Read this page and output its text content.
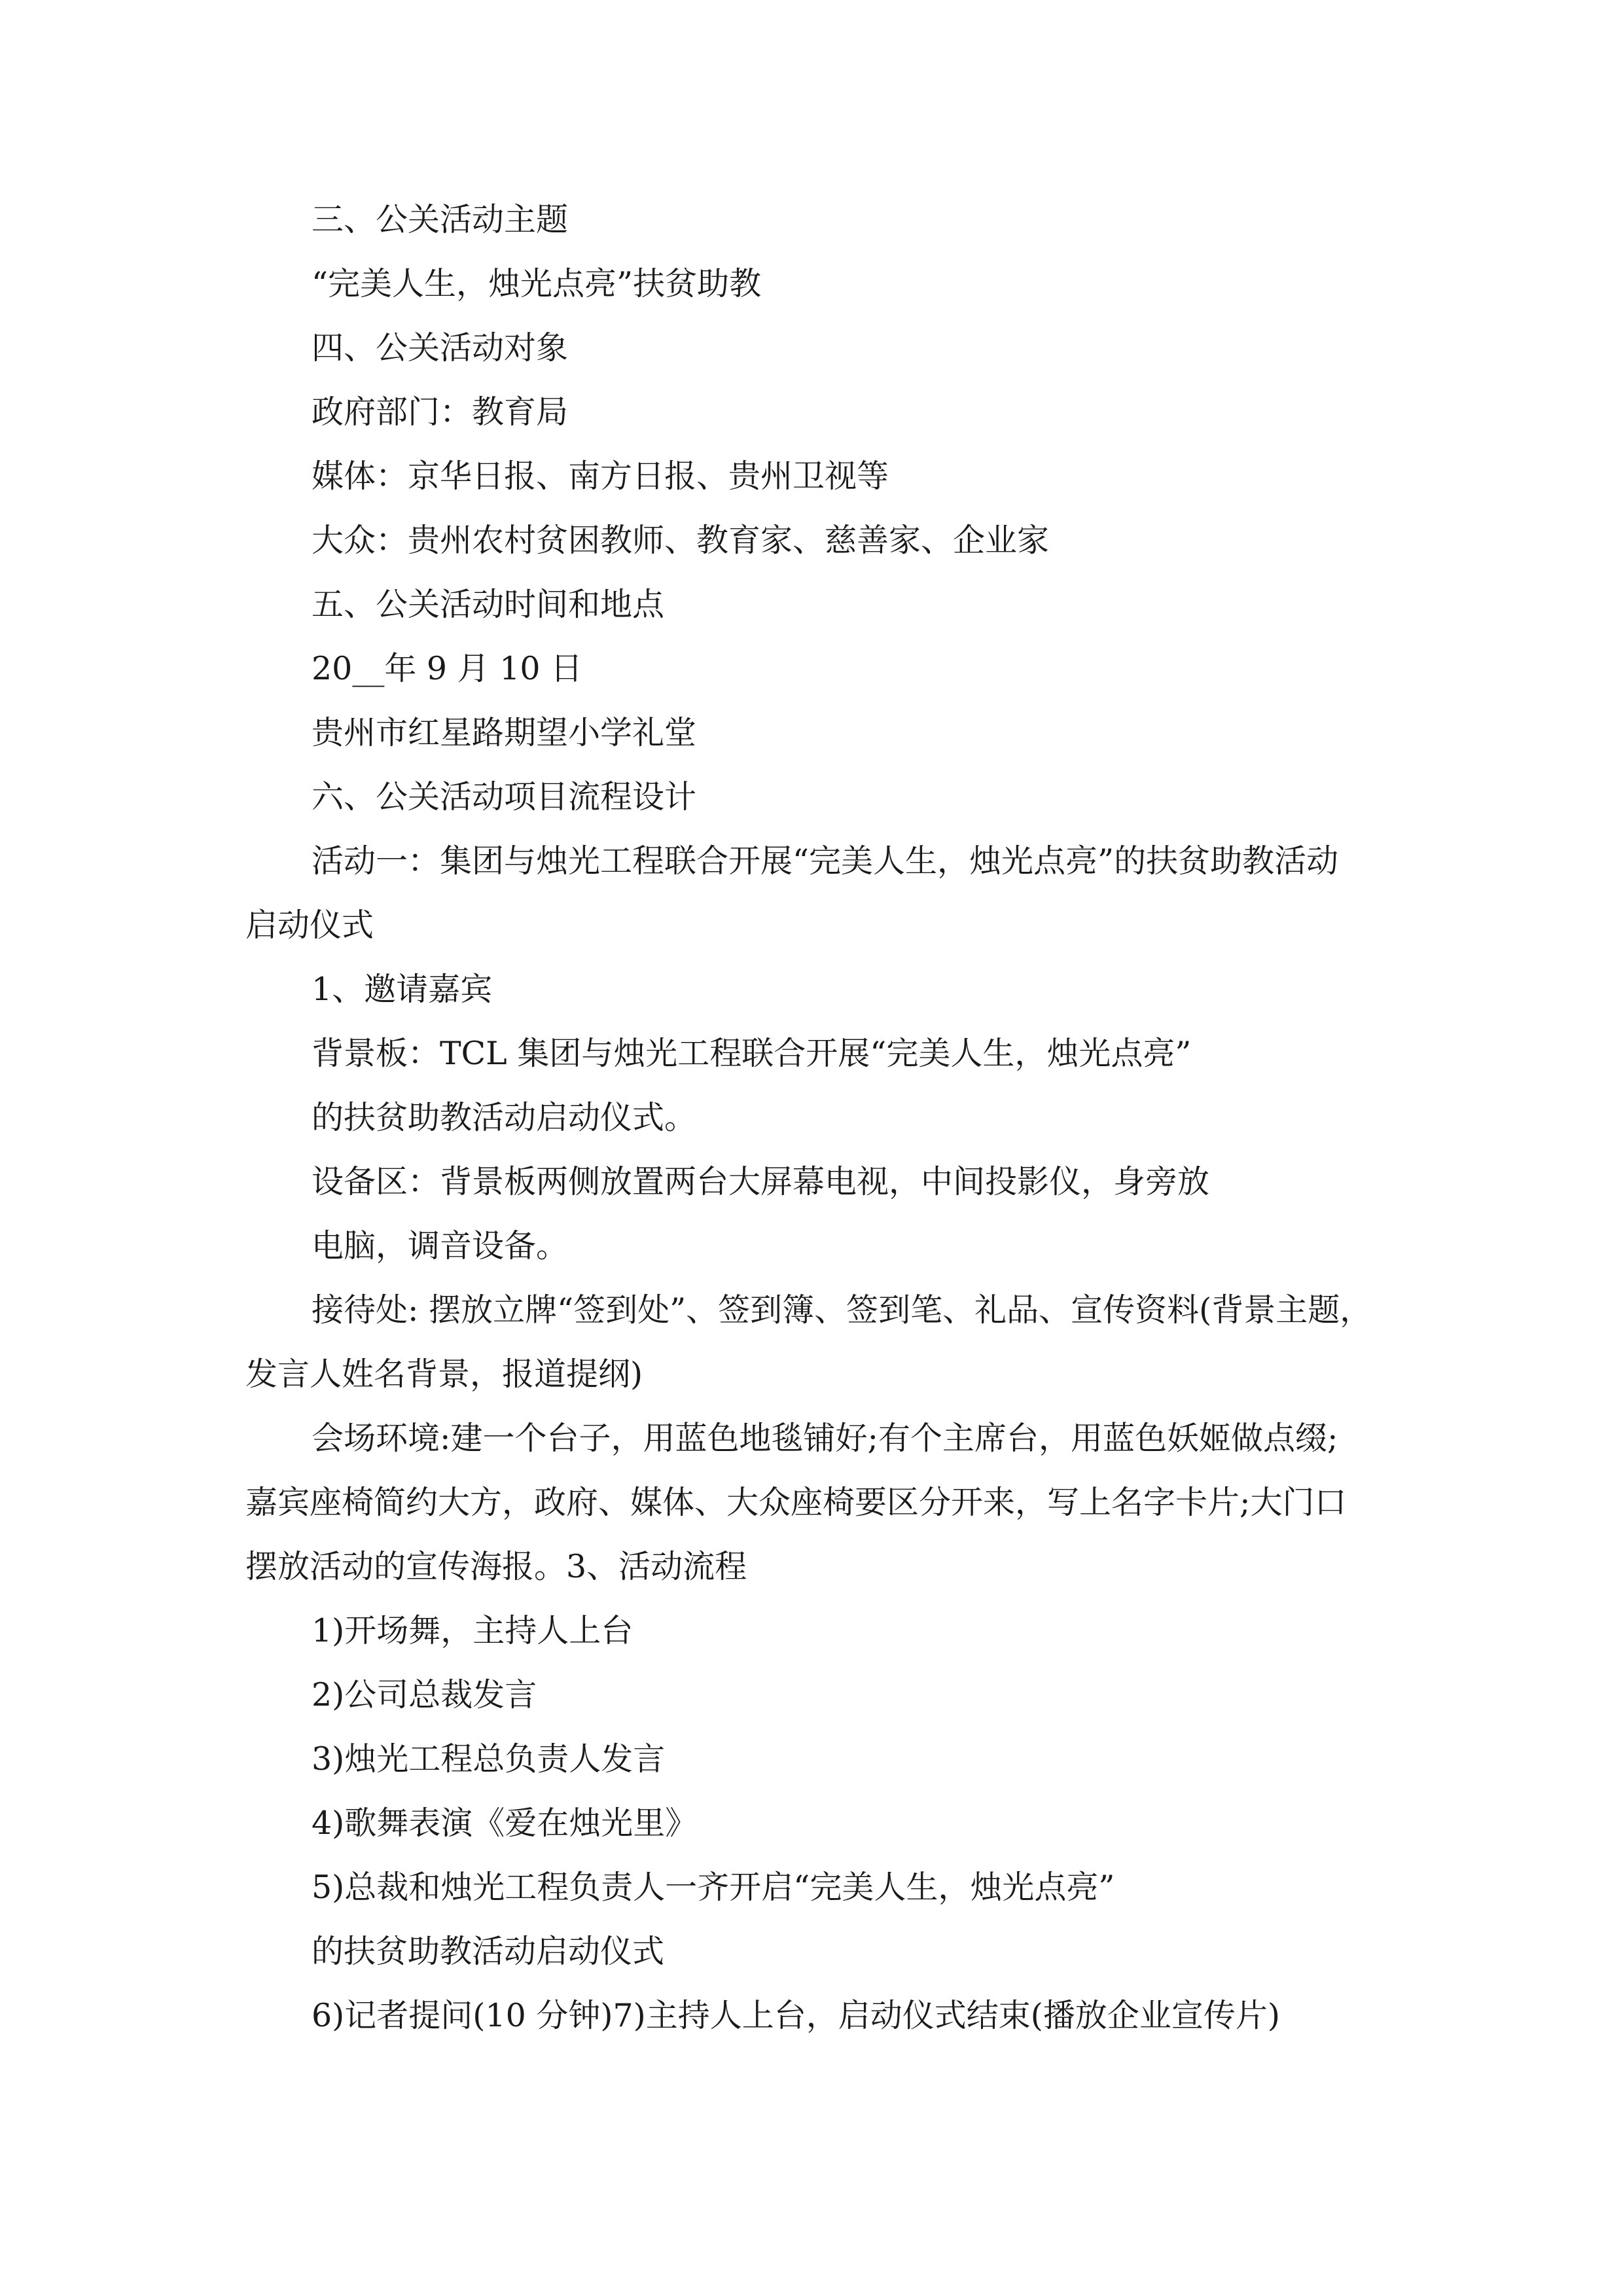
三、公关活动主题
“完美人生，烛光点亮”扶贫助教
四、公关活动对象
政府部门：教育局
媒体：京华日报、南方日报、贵州卫视等
大众：贵州农村贫困教师、教育家、慈善家、企业家
五、公关活动时间和地点
20__年 9 月 10 日
贵州市红星路期望小学礼堂
六、公关活动项目流程设计
活动一：集团与烛光工程联合开展“完美人生，烛光点亮”的扶贫助教活动
启动仪式
1、邀请嘉宾
背景板：TCL 集团与烛光工程联合开展“完美人生，烛光点亮”
的扶贫助教活动启动仪式。
设备区：背景板两侧放置两台大屏幕电视，中间投影仪，身旁放
电脑，调音设备。
接待处: 摆放立牌“签到处”、签到簿、签到笔、礼品、宣传资料(背景主题，
发言人姓名背景，报道提纲)
会场环境:建一个台子，用蓝色地毯铺好;有个主席台，用蓝色妖姬做点缀;
嘉宾座椅简约大方，政府、媒体、大众座椅要区分开来，写上名字卡片;大门口
摆放活动的宣传海报。3、活动流程
1)开场舞，主持人上台
2)公司总裁发言
3)烛光工程总负责人发言
4)歌舞表演《爱在烛光里》
5)总裁和烛光工程负责人一齐开启“完美人生，烛光点亮”
的扶贫助教活动启动仪式
6)记者提问(10 分钟)7)主持人上台，启动仪式结束(播放企业宣传片)
